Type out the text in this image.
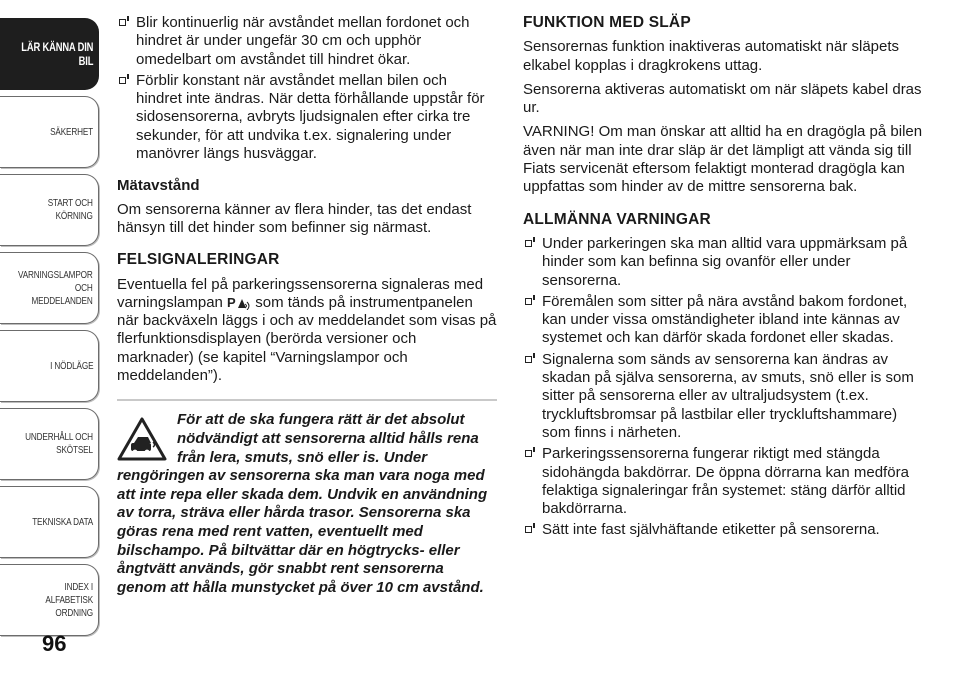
LÄR KÄNNA DIN
BIL
SÄKERHET
START OCH
KÖRNING
VARNINGSLAMPOR
OCH
MEDDELANDEN
I NÖDLÄGE
UNDERHÅLL OCH
SKÖTSEL
TEKNISKA DATA
INDEX I ALFABETISK
ORDNING
96
Blir kontinuerlig när avståndet mellan fordonet och hindret är under ungefär 30 cm och upphör omedelbart om avståndet till hindret ökar.
Förblir konstant när avståndet mellan bilen och hindret inte ändras. När detta förhållande uppstår för sidosensorerna, avbryts ljudsignalen efter cirka tre sekunder, för att undvika t.ex. signalering under manövrer längs husväggar.
Mätavstånd

Om sensorerna känner av flera hinder, tas det endast hänsyn till det hinder som befinner sig närmast.

FELSIGNALERINGAR

Eventuella fel på parkeringssensorerna signaleras med varningslampan P som tänds på instrumentpanelen när backväxeln läggs i och av meddelandet som visas på flerfunktionsdisplayen (berörda versioner och marknader) (se kapitel “Varningslampor och meddelanden”).

För att de ska fungera rätt är det absolut nödvändigt att sensorerna alltid hålls rena från lera, smuts, snö eller is. Under rengöringen av sensorerna ska man vara noga med att inte repa eller skada dem. Undvik en användning av torra, sträva eller hårda trasor. Sensorerna ska göras rena med rent vatten, eventuellt med bilschampo. På biltvättar där en högtrycks- eller ångtvätt används, gör snabbt rent sensorerna genom att hålla munstycket på över 10 cm avstånd.
FUNKTION MED SLÄP

Sensorernas funktion inaktiveras automatiskt när släpets elkabel kopplas i dragkrokens uttag.

Sensorerna aktiveras automatiskt om när släpets kabel dras ur.

VARNING! Om man önskar att alltid ha en dragögla på bilen även när man inte drar släp är det lämpligt att vända sig till Fiats servicenät eftersom felaktigt monterad dragögla kan uppfattas som hinder av de mittre sensorerna bak.

ALLMÄNNA VARNINGAR
Under parkeringen ska man alltid vara uppmärksam på hinder som kan befinna sig ovanför eller under sensorerna.
Föremålen som sitter på nära avstånd bakom fordonet, kan under vissa omständigheter ibland inte kännas av systemet och kan därför skada fordonet eller skadas.
Signalerna som sänds av sensorerna kan ändras av skadan på själva sensorerna, av smuts, snö eller is som sitter på sensorerna eller av ultraljudsystem (t.ex. tryckluftsbromsar på lastbilar eller tryckluftshammare) som finns i närheten.
Parkeringssensorerna fungerar riktigt med stängda sidohängda bakdörrar. De öppna dörrarna kan medföra felaktiga signaleringar från systemet: stäng därför alltid bakdörrarna.
Sätt inte fast självhäftande etiketter på sensorerna.
